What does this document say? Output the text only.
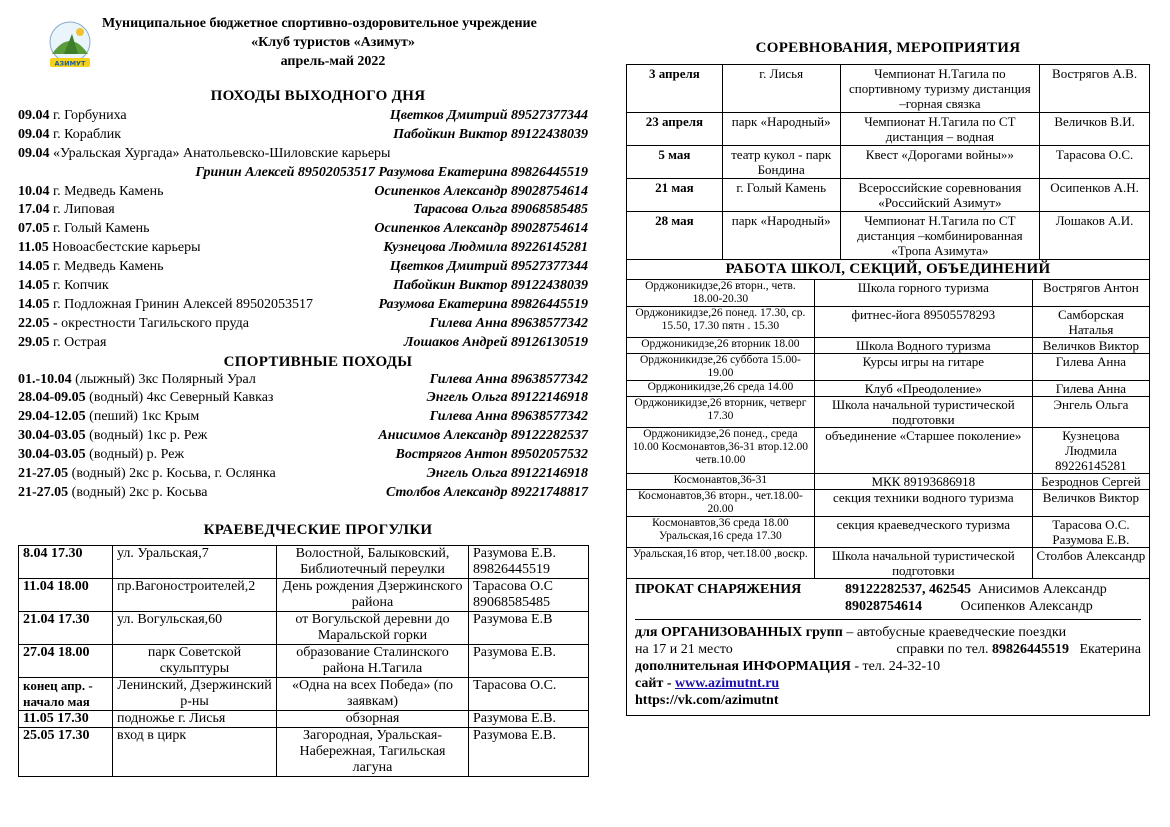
АЗИМУТ
Муниципальное бюджетное спортивно-оздоровительное учреждение
«Клуб туристов «Азимут»
апрель-май 2022
ПОХОДЫ ВЫХОДНОГО ДНЯ
09.04 г. Горбуниха	Цветков Дмитрий 89527377344
09.04 г. Кораблик	Пабойкин Виктор 89122438039
09.04 «Уральская Хургада» Анатольевско-Шиловские карьеры
Гринин Алексей 89502053517 Разумова Екатерина 89826445519
10.04 г. Медведь Камень	Осипенков Александр 89028754614
17.04 г. Липовая	Тарасова Ольга 89068585485
07.05 г. Голый Камень	Осипенков Александр 89028754614
11.05 Новоасбестские карьеры	Кузнецова Людмила 89226145281
14.05 г. Медведь Камень	Цветков Дмитрий 89527377344
14.05 г. Копчик	Пабойкин Виктор 89122438039
14.05 г. Подложная Гринин Алексей 89502053517	Разумова Екатерина 89826445519
22.05 - окрестности Тагильского пруда	Гилева Анна 89638577342
29.05 г. Острая	Лошаков Андрей 89126130519
СПОРТИВНЫЕ ПОХОДЫ
01.-10.04 (лыжный) 3кс Полярный Урал	Гилева Анна 89638577342
28.04-09.05 (водный) 4кс Северный Кавказ	Энгель Ольга 89122146918
29.04-12.05 (пеший) 1кс Крым	Гилева Анна 89638577342
30.04-03.05 (водный) 1кс р. Реж	Анисимов Александр 89122282537
30.04-03.05 (водный) р. Реж	Вострягов Антон 89502057532
21-27.05 (водный) 2кс р. Косьва, г. Ослянка	Энгель Ольга 89122146918
21-27.05 (водный) 2кс р. Косьва	Столбов Александр 89221748817
КРАЕВЕДЧЕСКИЕ ПРОГУЛКИ
8.04 17.30	ул. Уральская,7	Волостной, Балыковский, Библиотечный переулки	Разумова Е.В. 89826445519
11.04 18.00	пр.Вагоностроителей,2	День рождения Дзержинского района	Тарасова О.С 89068585485
21.04 17.30	ул. Вогульская,60	от Вогульской деревни до Маральской горки	Разумова Е.В
27.04 18.00	парк Советской скульптуры	образование Сталинского района Н.Тагила	Разумова Е.В.
конец апр. - начало мая	Ленинский, Дзержинский р-ны	«Одна на всех Победа» (по заявкам)	Тарасова О.С.
11.05 17.30	подножье г. Лисья	обзорная	Разумова Е.В.
25.05 17.30	вход в цирк	Загородная, Уральская-Набережная, Тагильская лагуна	Разумова Е.В.
СОРЕВНОВАНИЯ, МЕРОПРИЯТИЯ
3 апреля	г. Лисья	Чемпионат Н.Тагила по спортивному туризму дистанция –горная связка	Вострягов А.В.
23 апреля	парк «Народный»	Чемпионат Н.Тагила по СТ дистанция – водная	Величков В.И.
5 мая	театр кукол - парк Бондина	Квест «Дорогами войны»»	Тарасова О.С.
21 мая	г. Голый Камень	Всероссийские соревнования «Российский Азимут»	Осипенков А.Н.
28 мая	парк «Народный»	Чемпионат Н.Тагила по СТ дистанция –комбинированная «Тропа Азимута»	Лошаков А.И.
РАБОТА ШКОЛ, СЕКЦИЙ, ОБЪЕДИНЕНИЙ
Орджоникидзе,26 вторн., четв. 18.00-20.30	Школа горного туризма	Вострягов Антон
Орджоникидзе,26 понед. 17.30, ср. 15.50, 17.30 пятн . 15.30	фитнес-йога 89505578293	Самборская Наталья
Орджоникидзе,26 вторник 18.00	Школа Водного туризма	Величков Виктор
Орджоникидзе,26 суббота 15.00-19.00	Курсы игры на гитаре	Гилева Анна
Орджоникидзе,26 среда 14.00	Клуб «Преодоление»	Гилева Анна
Орджоникидзе,26 вторник, четверг 17.30	Школа начальной туристической подготовки	Энгель Ольга
Орджоникидзе,26 понед., среда 10.00 Космонавтов,36-31 втор.12.00 четв.10.00	объединение «Старшее поколение»	Кузнецова Людмила 89226145281
Космонавтов,36-31	МКК 89193686918	Безроднов Сергей
Космонавтов,36 вторн., чет.18.00-20.00	секция техники водного туризма	Величков Виктор
Космонавтов,36 среда 18.00 Уральская,16 среда 17.30	секция краеведческого туризма	Тарасова О.С. Разумова Е.В.
Уральская,16 втор, чет.18.00 ,воскр.	Школа начальной туристической подготовки	Столбов Александр
ПРОКАТ СНАРЯЖЕНИЯ	89122282537, 462545 Анисимов Александр
89028754614	Осипенков Александр
для ОРГАНИЗОВАННЫХ групп – автобусные краеведческие поездки
на 17 и 21 место	справки по тел. 89826445519 Екатерина
дополнительная ИНФОРМАЦИЯ - тел. 24-32-10
сайт - www.azimutnt.ru
https://vk.com/azimutnt
